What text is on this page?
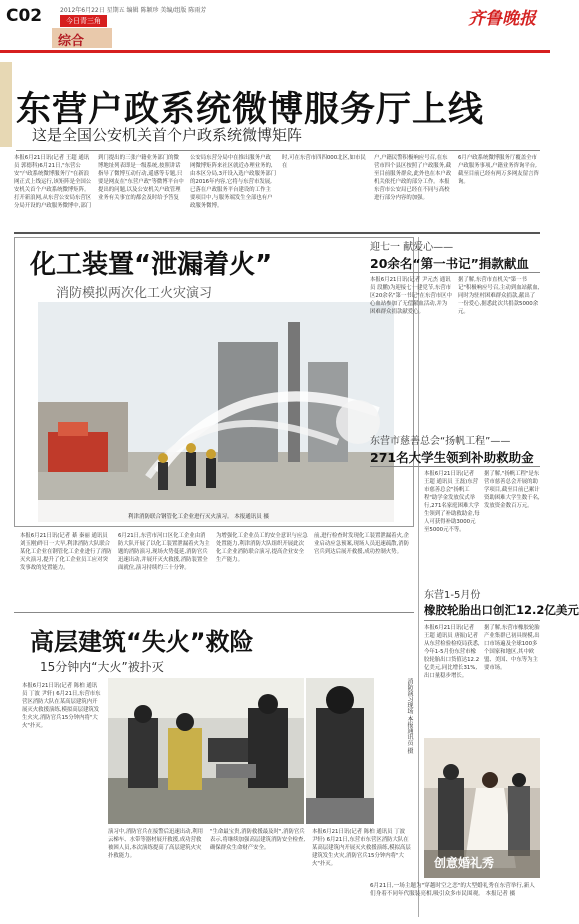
C02	2012年6月22日 星期五 编辑 陈颖珍 美编/组版 陈雨芳
今日青三角
综合
齐鲁晚报
东营户政系统微博服务厅上线
这是全国公安机关首个户政系统微博矩阵
本报6月21日讯(记者 王超 通讯员 郭德科)6月21日,"东营公安"户政系统微博服务厅"在新浪网正式上线运行,该矩阵是全国公安机关首个户政系统微博矩阵。打开新浪网,从东营公安局东营区分局开设的户政服务微博中,部门
到门提出的三张户籍业务部门的微博地址列表即是一级系统,按照讲话指导了微博互动行动,遥感等专题,只要是网友在"东营户政"等微博平台中提出的问题,以及公安机关户政管理业务有关事宜的都会及时给予答复
公安局东营分局中在推出服务户政网微博矩阵来社区就近办理业务的,由本区分局,3开设入选户政服务部门的2016年内容,它将与东营市发展,已落在户政服务平台建设的工作主要项目中,与服务端发生全部也有户政服务微博。
时,可在东营市四四000北区,如市民在
户,户籍民警积极响应号召,在东营市四个县区按照了户政服务,截至目前服务群众,此外也在本户政机关依托户政的部分工作。本报东营市公安局已经在不同与高校进行部分内容的加强。
6月户政系统微博服务厅覆盖全市户政服务事项,户籍业务咨询平台,截至目前已经有两万多网友留言咨询。
化工装置“泄漏着火”
消防模拟两次化工火灾演习
利津消防联合钢管化工企业进行灭火演习。 本报通讯员 摄
本报6月21日讯(记者 綦 秦丽 通讯员 刘玉刚)昨日一大早,利津消防大队联合某化工企业在钢管化工企业进行了消防灭火演习,提升了化工企业员工应对突发事故的处置能力。
6月21日,东营市河口区化工企业由消防大队开展了以化工装置泄漏着火为主题的消防演习,现场火势蔓延,消防官兵迅速出动,并展开灭火救援,消防装置全面就位,演习持续约三十分钟。
为增强化工企业员工的安全意识与应急处置能力,利津消防大队组织开展此次化工企业消防联合演习,提高企业安全生产能力。
前,进行检查时发现化工装置泄漏着火,企业启动应急预案,现场人员迅速疏散,消防官兵到达后展开救援,成功控制火势。
高层建筑“失火”救险
15分钟内“大火”被扑灭
本报6月21日讯(记者 陈柏 通讯员 丁波 尹轩) 6月21日,东营市东营区消防大队在某高层建筑内开展灭火救援演练,模拟高层建筑发生火灾,消防官兵15分钟内将"大火"扑灭。	消防演习现场 本报通讯员 摄
演习中,消防官兵在接警后迅速出动,利用云梯车、水带等器材展开救援,成功营救被困人员,本次演练提高了高层建筑火灾扑救能力。
"生命最宝贵,消防救援最及时",消防官兵表示,将继续加强高层建筑消防安全检查,确保群众生命财产安全。
本报6月21日讯(记者 陈柏 通讯员 丁波 尹轩) 6月21日,东营市东营区消防大队在某高层建筑内开展灭火救援演练,模拟高层建筑发生火灾,消防官兵15分钟内将"大火"扑灭。
迎七一 献爱心——
20余名“第一书记”捐款献血
本报6月21日讯(记者 尹元杰 通讯员 段鹏)为迎接七一建党节,东营市区20余名"第一书记"在东营市区中心血站参加了无偿献血活动,并为困难群众捐款献爱心。
据了解,东营市直机关"第一书记"积极响应号召,主动到血站献血,同时为驻村困难群众捐款,献出了一份爱心,据悉此次共捐款5000余元。
东营市慈善总会“扬帆工程”——
271名大学生领到补助救助金
本报6月21日讯(记者 王超 通讯员 王磊)东营市慈善总会"扬帆工程"助学金发放仪式举行,271名家庭困难大学生领到了补助救助金,每人可获得补助3000元至5000元不等。
据了解,"扬帆工程"是东营市慈善总会开展的助学项目,截至目前已累计资助困难大学生数千名,发放资金数百万元。
东营1-5月份
橡胶轮胎出口创汇12.2亿美元
本报6月21日讯(记者 王超 通讯员 唐振)记者从东营检验检疫局获悉,今年1-5月份东营市橡胶轮胎出口货值达12.2亿美元,同比增长31%,出口量稳步增长。
据了解,东营市橡胶轮胎产业集群已初具规模,出口市场遍及全球100多个国家和地区,其中欧盟、美国、中东等为主要市场。
创意婚礼秀
6月21日,一场主题为"穿越时空之恋"的大型婚礼秀在东营举行,新人们身着不同年代服装亮相,吸引众多市民围观。 本报记者 摄
